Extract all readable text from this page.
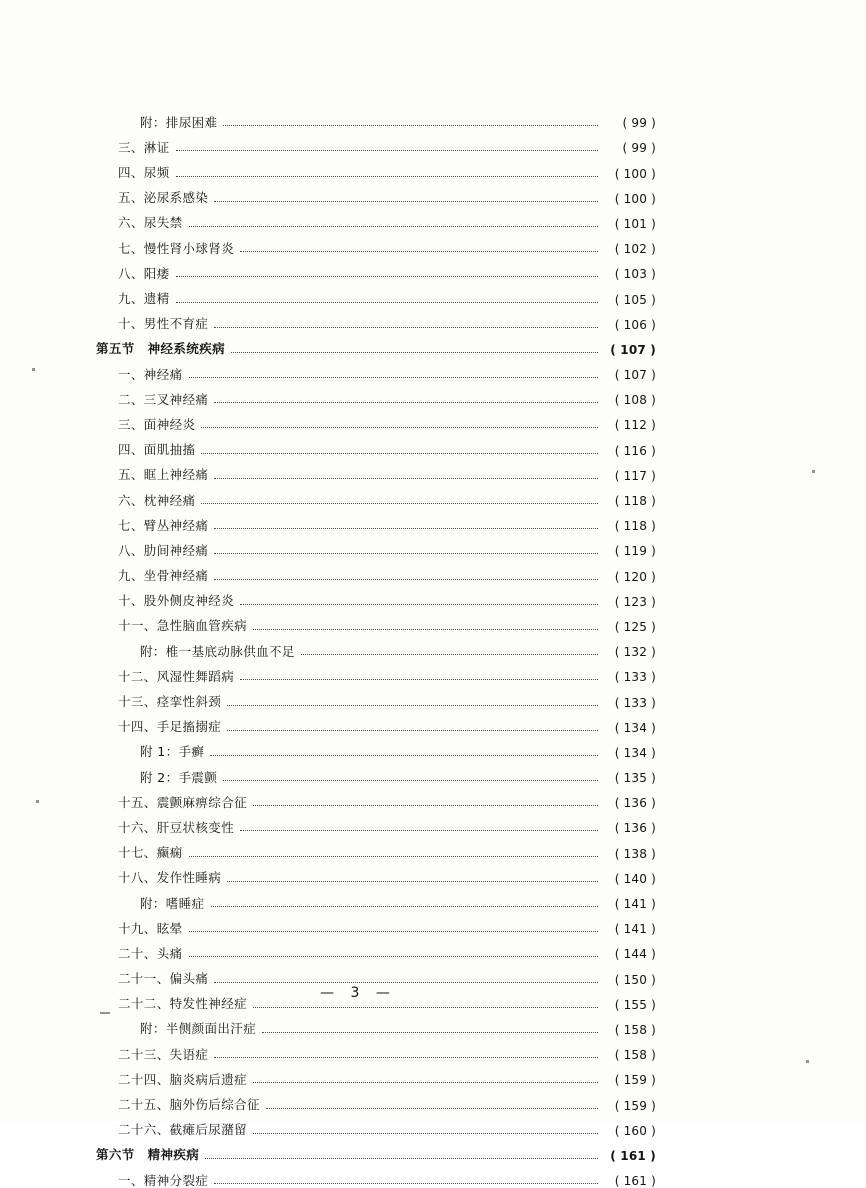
附：排尿困难	( 99 )
三、淋证	( 99 )
四、尿频	( 100 )
五、泌尿系感染	( 100 )
六、尿失禁	( 101 )
七、慢性肾小球肾炎	( 102 )
八、阳痿	( 103 )
九、遗精	( 105 )
十、男性不育症	( 106 )
第五节　神经系统疾病	( 107 )
一、神经痛	( 107 )
二、三叉神经痛	( 108 )
三、面神经炎	( 112 )
四、面肌抽搐	( 116 )
五、眶上神经痛	( 117 )
六、枕神经痛	( 118 )
七、臂丛神经痛	( 118 )
八、肋间神经痛	( 119 )
九、坐骨神经痛	( 120 )
十、股外侧皮神经炎	( 123 )
十一、急性脑血管疾病	( 125 )
附：椎一基底动脉供血不足	( 132 )
十二、风湿性舞蹈病	( 133 )
十三、痉挛性斜颈	( 133 )
十四、手足搐搦症	( 134 )
附 1：手癣	( 134 )
附 2：手震颤	( 135 )
十五、震颤麻痹综合征	( 136 )
十六、肝豆状核变性	( 136 )
十七、癫痫	( 138 )
十八、发作性睡病	( 140 )
附：嗜睡症	( 141 )
十九、眩晕	( 141 )
二十、头痛	( 144 )
二十一、偏头痛	( 150 )
二十二、特发性神经症	( 155 )
附：半侧颜面出汗症	( 158 )
二十三、失语症	( 158 )
二十四、脑炎病后遗症	( 159 )
二十五、脑外伤后综合征	( 159 )
二十六、截瘫后尿潴留	( 160 )
第六节　精神疾病	( 161 )
一、精神分裂症	( 161 )
— 3 —
